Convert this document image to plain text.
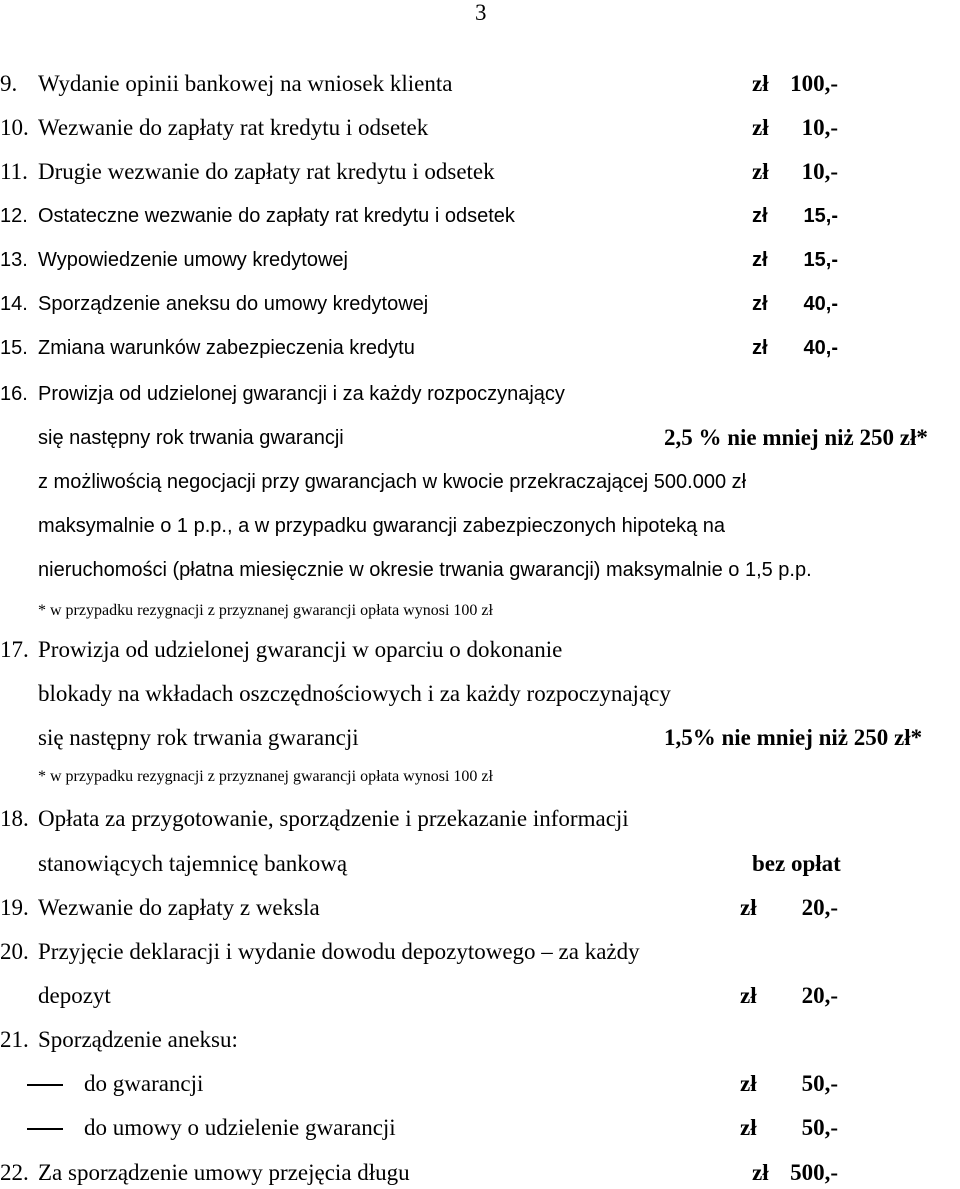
3
9. Wydanie opinii bankowej na wniosek klienta	zł 100,-
10. Wezwanie do zapłaty rat kredytu i odsetek	zł	10,-
11. Drugie wezwanie do zapłaty rat kredytu i odsetek	zł	10,-
12. Ostateczne wezwanie do zapłaty rat kredytu i odsetek	zł	15,-
13. Wypowiedzenie umowy kredytowej	zł	15,-
14. Sporządzenie aneksu do umowy kredytowej	zł	40,-
15. Zmiana warunków zabezpieczenia kredytu	zł	40,-
16. Prowizja od udzielonej gwarancji i za każdy rozpoczynający
się następny rok trwania gwarancji	2,5 % nie mniej niż 250 zł*
z możliwością negocjacji przy gwarancjach w kwocie przekraczającej 500.000 zł
maksymalnie o 1 p.p., a w przypadku gwarancji zabezpieczonych hipoteką na
nieruchomości (płatna miesięcznie w okresie trwania gwarancji) maksymalnie o 1,5 p.p.
* w przypadku rezygnacji z przyznanej gwarancji opłata wynosi 100 zł
17. Prowizja od udzielonej gwarancji w oparciu o dokonanie
blokady na wkładach oszczędnościowych i za każdy rozpoczynający
się następny rok trwania gwarancji	1,5% nie mniej niż 250 zł*
* w przypadku rezygnacji z przyznanej gwarancji opłata wynosi 100 zł
18. Opłata za przygotowanie, sporządzenie i przekazanie informacji
stanowiących tajemnicę bankową	bez opłat
19. Wezwanie do zapłaty z weksla	zł	20,-
20. Przyjęcie deklaracji i wydanie dowodu depozytowego – za każdy
depozyt	zł	20,-
21. Sporządzenie aneksu:
do gwarancji	zł	50,-
do umowy o udzielenie gwarancji	zł	50,-
22. Za sporządzenie umowy przejęcia długu	zł 500,-
